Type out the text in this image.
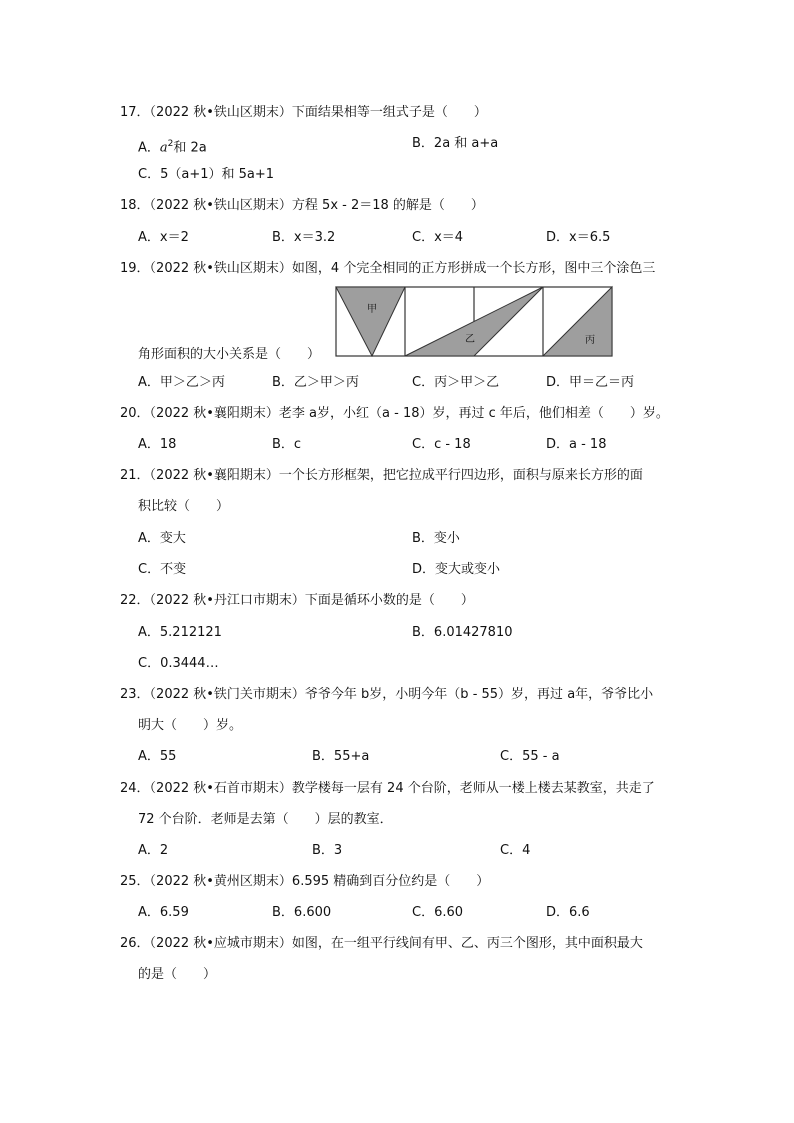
17．（2022 秋•铁山区期末）下面结果相等一组式子是（　　）
A．$a^2$和 2a	B．2a 和 a+a
C．5（a+1）和 5a+1
18．（2022 秋•铁山区期末）方程 5x - 2＝18 的解是（　　）
A．x＝2	B．x＝3.2	C．x＝4	D．x＝6.5
19．（2022 秋•铁山区期末）如图，4 个完全相同的正方形拼成一个长方形，图中三个涂色三
甲
乙	丙
角形面积的大小关系是（　　）
A．甲＞乙＞丙	B．乙＞甲＞丙	C．丙＞甲＞乙	D．甲＝乙＝丙
20．（2022 秋•襄阳期末）老李 a岁，小红（a - 18）岁，再过 c 年后，他们相差（　　）岁。
A．18	B．c	C．c - 18	D．a - 18
21．（2022 秋•襄阳期末）一个长方形框架，把它拉成平行四边形，面积与原来长方形的面
积比较（　　）
A．变大	B．变小
C．不变	D．变大或变小
22．（2022 秋•丹江口市期末）下面是循环小数的是（　　）
A．5.212121	B．6.01427810
C．0.3444…
23．（2022 秋•铁门关市期末）爷爷今年 b岁，小明今年（b - 55）岁，再过 a年，爷爷比小
明大（　　）岁。
A．55	B．55+a	C．55 - a
24．（2022 秋•石首市期末）教学楼每一层有 24 个台阶，老师从一楼上楼去某教室，共走了
72 个台阶．老师是去第（　　）层的教室．
A．2	B．3	C．4
25．（2022 秋•黄州区期末）6.595 精确到百分位约是（　　）
A．6.59	B．6.600	C．6.60	D．6.6
26．（2022 秋•应城市期末）如图，在一组平行线间有甲、乙、丙三个图形，其中面积最大
的是（　　）
